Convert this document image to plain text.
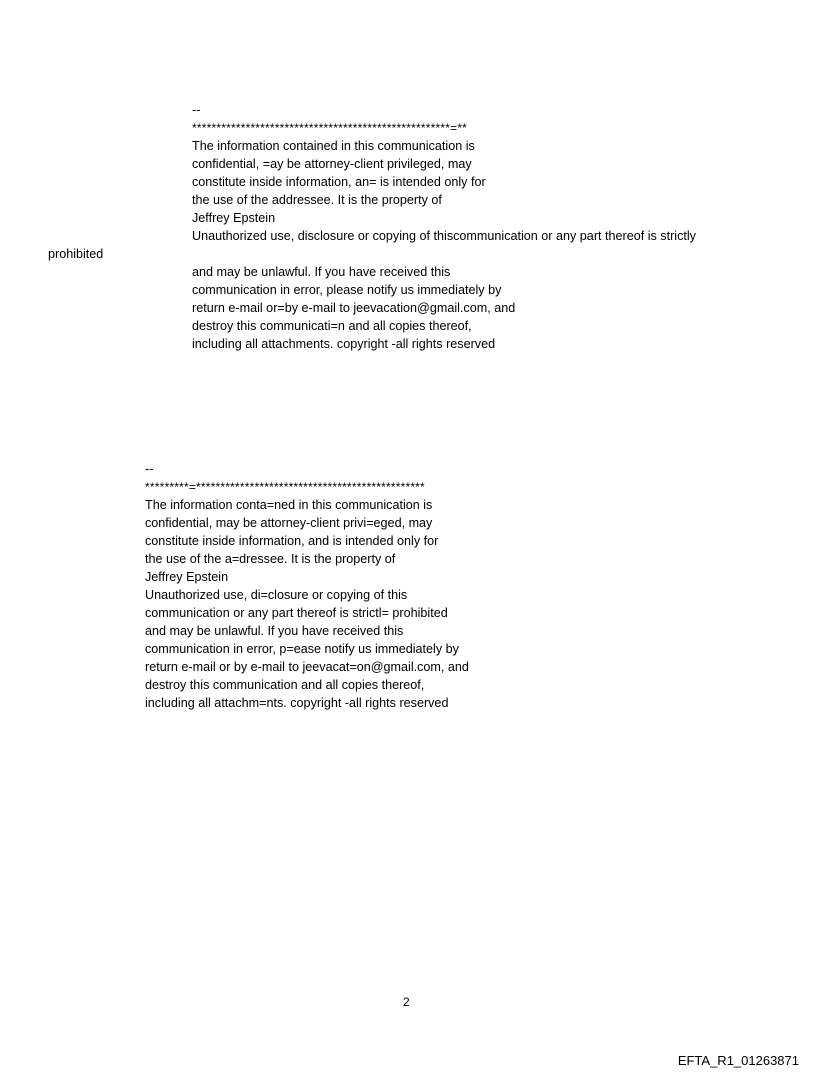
--
*****************************************************=**
The information contained in this communication is
confidential, =ay be attorney-client privileged, may
constitute inside information, an= is intended only for
the use of the addressee. It is the property of
Jeffrey Epstein
Unauthorized use, disclosure or copying of thiscommunication or any part thereof is strictly
and may be unlawful. If you have received this
communication in error, please notify us immediately by
return e-mail or=by e-mail to jeevacation@gmail.com, and
destroy this communicati=n and all copies thereof,
including all attachments. copyright -all rights reserved
prohibited
--
*********=***********************************************
The information conta=ned in this communication is
confidential, may be attorney-client privi=eged, may
constitute inside information, and is intended only for
the use of the a=dressee. It is the property of
Jeffrey Epstein
Unauthorized use, di=closure or copying of this
communication or any part thereof is strictl= prohibited
and may be unlawful. If you have received this
communication in error, p=ease notify us immediately by
return e-mail or by e-mail to jeevacat=on@gmail.com, and
destroy this communication and all copies thereof,
including all attachm=nts. copyright -all rights reserved
2
EFTA_R1_01263871
